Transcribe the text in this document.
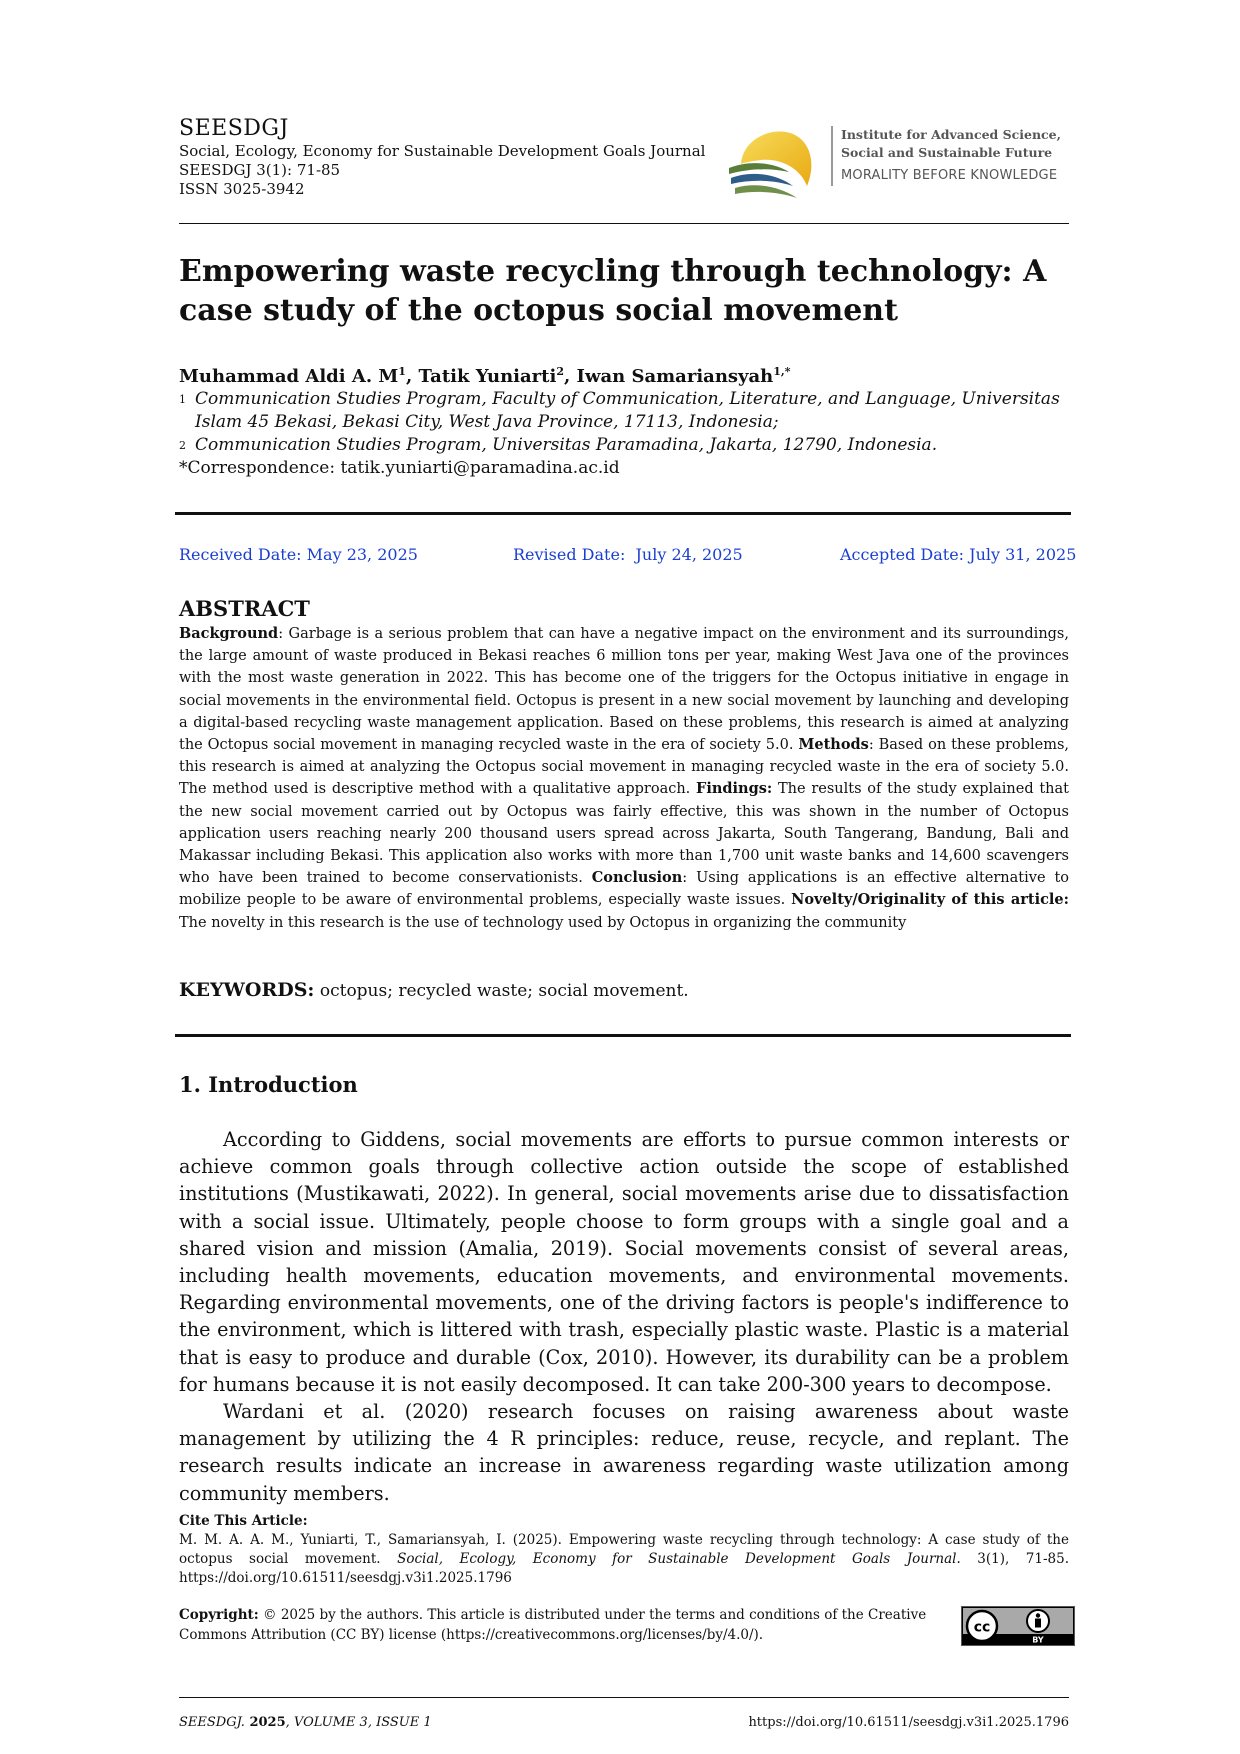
SEESDGJ
Social, Ecology, Economy for Sustainable Development Goals Journal
SEESDGJ 3(1): 71-85
ISSN 3025-3942
Institute for Advanced Science,
Social and Sustainable Future
MORALITY BEFORE KNOWLEDGE
Empowering waste recycling through technology: A case study of the octopus social movement
Muhammad Aldi A. $M^1$, Tatik Yuniarti$^2$, Iwan Samariansyah$^{1,*}$
1 Communication Studies Program, Faculty of Communication, Literature, and Language, Universitas Islam 45 Bekasi, Bekasi City, West Java Province, 17113, Indonesia;
2 Communication Studies Program, Universitas Paramadina, Jakarta, 12790, Indonesia.
*Correspondence: tatik.yuniarti@paramadina.ac.id
Received Date: May 23, 2025	Revised Date:  July 24, 2025	Accepted Date: July 31, 2025
ABSTRACT
Background: Garbage is a serious problem that can have a negative impact on the environment and its surroundings, the large amount of waste produced in Bekasi reaches 6 million tons per year, making West Java one of the provinces with the most waste generation in 2022. This has become one of the triggers for the Octopus initiative in engage in social movements in the environmental field. Octopus is present in a new social movement by launching and developing a digital-based recycling waste management application. Based on these problems, this research is aimed at analyzing the Octopus social movement in managing recycled waste in the era of society 5.0. Methods: Based on these problems, this research is aimed at analyzing the Octopus social movement in managing recycled waste in the era of society 5.0. The method used is descriptive method with a qualitative approach. Findings: The results of the study explained that the new social movement carried out by Octopus was fairly effective, this was shown in the number of Octopus application users reaching nearly 200 thousand users spread across Jakarta, South Tangerang, Bandung, Bali and Makassar including Bekasi. This application also works with more than 1,700 unit waste banks and 14,600 scavengers who have been trained to become conservationists. Conclusion: Using applications is an effective alternative to mobilize people to be aware of environmental problems, especially waste issues. Novelty/Originality of this article: The novelty in this research is the use of technology used by Octopus in organizing the community
KEYWORDS: octopus; recycled waste; social movement.
1. Introduction

According to Giddens, social movements are efforts to pursue common interests or achieve common goals through collective action outside the scope of established institutions (Mustikawati, 2022). In general, social movements arise due to dissatisfaction with a social issue. Ultimately, people choose to form groups with a single goal and a shared vision and mission (Amalia, 2019). Social movements consist of several areas, including health movements, education movements, and environmental movements. Regarding environmental movements, one of the driving factors is people's indifference to the environment, which is littered with trash, especially plastic waste. Plastic is a material that is easy to produce and durable (Cox, 2010). However, its durability can be a problem for humans because it is not easily decomposed. It can take 200-300 years to decompose.

Wardani et al. (2020) research focuses on raising awareness about waste management by utilizing the 4 R principles: reduce, reuse, recycle, and replant. The research results indicate an increase in awareness regarding waste utilization among community members.

Cite This Article:
M. M. A. A. M., Yuniarti, T., Samariansyah, I. (2025). Empowering waste recycling through technology: A case study of the octopus social movement. Social, Ecology, Economy for Sustainable Development Goals Journal. 3(1), 71-85. https://doi.org/10.61511/seesdgj.v3i1.2025.1796
Copyright: © 2025 by the authors. This article is distributed under the terms and conditions of the Creative Commons Attribution (CC BY) license (https://creativecommons.org/licenses/by/4.0/).	cc
BY
SEESDGJ. 2025, VOLUME 3, ISSUE 1	https://doi.org/10.61511/seesdgj.v3i1.2025.1796
